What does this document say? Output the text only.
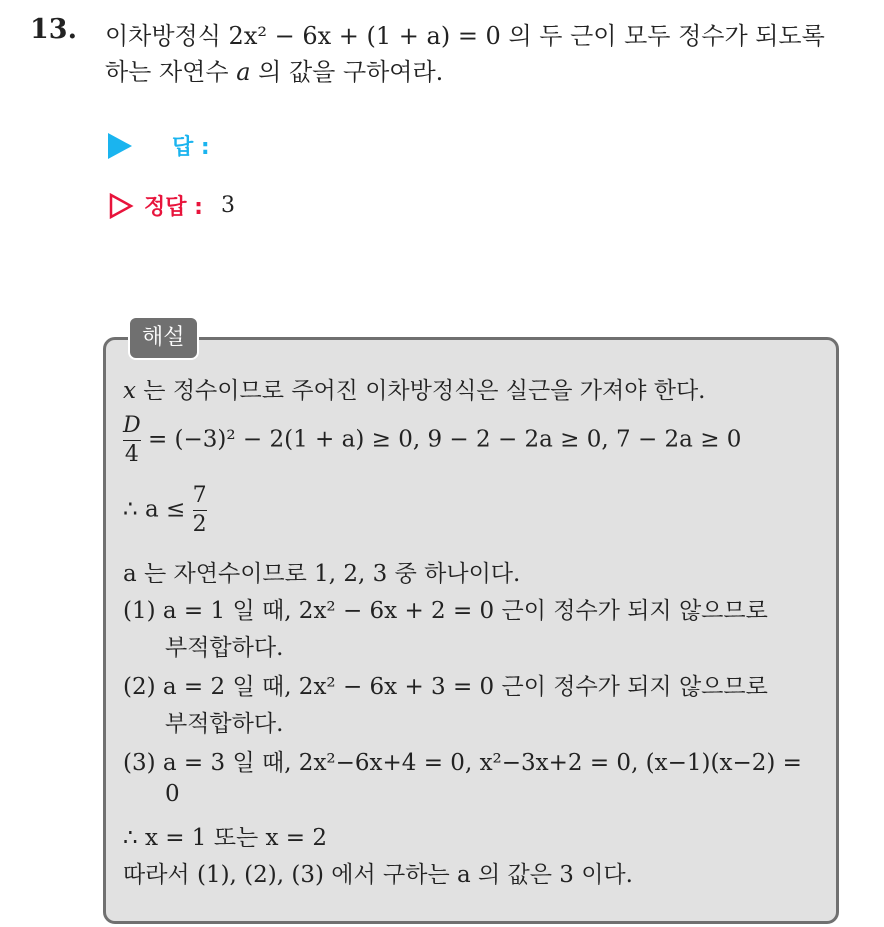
13. 이차방정식 2x² − 6x + (1 + a) = 0 의 두 근이 모두 정수가 되도록
하는 자연수 a 의 값을 구하여라.
답 :
정답 : 3
해설
x 는 정수이므로 주어진 이차방정식은 실근을 가져야 한다.
$\frac{D}{4} = (-3)^2 - 2(1 + a) \ge 0$, 9 − 2 − 2a ≥ 0, 7 − 2a ≥ 0
∴ $a \le \frac{7}{2}$
a 는 자연수이므로 1, 2, 3 중 하나이다.
(1) a = 1 일 때, 2x² − 6x + 2 = 0 근이 정수가 되지 않으므로
부적합하다.
(2) a = 2 일 때, 2x² − 6x + 3 = 0 근이 정수가 되지 않으므로
부적합하다.
(3) a = 3 일 때, 2x²−6x+4 = 0, x²−3x+2 = 0, (x−1)(x−2) =
0
∴ x = 1 또는 x = 2
따라서 (1), (2), (3) 에서 구하는 a 의 값은 3 이다.
